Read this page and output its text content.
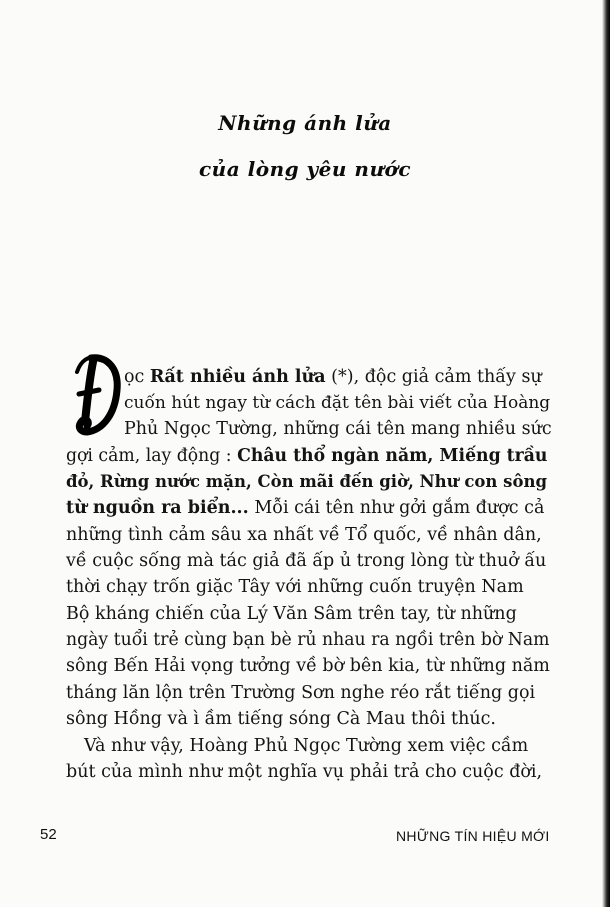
Những ánh lửa
của lòng yêu nước
ọc Rất nhiều ánh lửa (*), độc giả cảm thấy sự
cuốn hút ngay từ cách đặt tên bài viết của Hoàng
Phủ Ngọc Tường, những cái tên mang nhiều sức
gợi cảm, lay động : Châu thổ ngàn năm, Miếng trầu
đỏ, Rừng nước mặn, Còn mãi đến giờ, Như con sông
từ nguồn ra biển... Mỗi cái tên như gởi gắm được cả
những tình cảm sâu xa nhất về Tổ quốc, về nhân dân,
về cuộc sống mà tác giả đã ấp ủ trong lòng từ thuở ấu
thời chạy trốn giặc Tây với những cuốn truyện Nam
Bộ kháng chiến của Lý Văn Sâm trên tay, từ những
ngày tuổi trẻ cùng bạn bè rủ nhau ra ngồi trên bờ Nam
sông Bến Hải vọng tưởng về bờ bên kia, từ những năm
tháng lăn lộn trên Trường Sơn nghe réo rắt tiếng gọi
sông Hồng và ì ầm tiếng sóng Cà Mau thôi thúc.
Và như vậy, Hoàng Phủ Ngọc Tường xem việc cầm
bút của mình như một nghĩa vụ phải trả cho cuộc đời,
52	NHỮNG TÍN HIỆU MỚI
